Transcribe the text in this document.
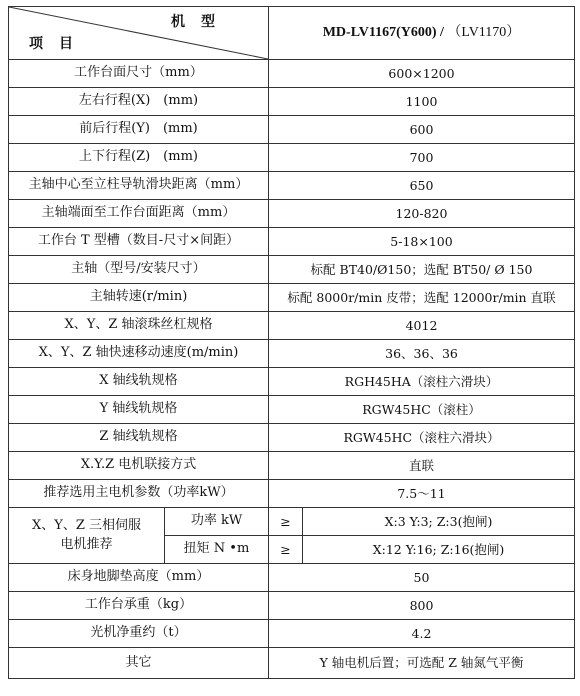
机　型
项　目		MD-LV1167(Y600) / （LV1170）	
工作台面尺寸（mm）		600×1200	
左右行程(X)　(mm)		1100	
前后行程(Y)　(mm)		600	
上下行程(Z)　(mm)		700	
主轴中心至立柱导轨滑块距离（mm）		650	
主轴端面至工作台面距离（mm）		120-820	
工作台 T 型槽（数目-尺寸×间距）		5-18×100	
主轴（型号/安装尺寸）		标配 BT40/Ø150；选配 BT50/ Ø 150	
主轴转速(r/min)		标配 8000r/min 皮带；选配 12000r/min 直联	
X、Y、Z 轴滚珠丝杠规格		4012	
X、Y、Z 轴快速移动速度(m/min)		36、36、36	
X 轴线轨规格		RGH45HA（滚柱六滑块）	
Y 轴线轨规格		RGW45HC（滚柱）	
Z 轴线轨规格		RGW45HC（滚柱六滑块）	
X.Y.Z 电机联接方式		直联	
推荐选用主电机参数（功率kW）		7.5～11	

X、Y、Z 三相伺服
电机推荐	功率 kW	≥	X:3 Y:3; Z:3(抱闸)
	扭矩 N •m	≥	X:12 Y:16; Z:16(抱闸)
床身地脚垫高度（mm）		50	
工作台承重（kg）		800	
光机净重约（t）		4.2	
其它		Y 轴电机后置；可选配 Z 轴氮气平衡	
